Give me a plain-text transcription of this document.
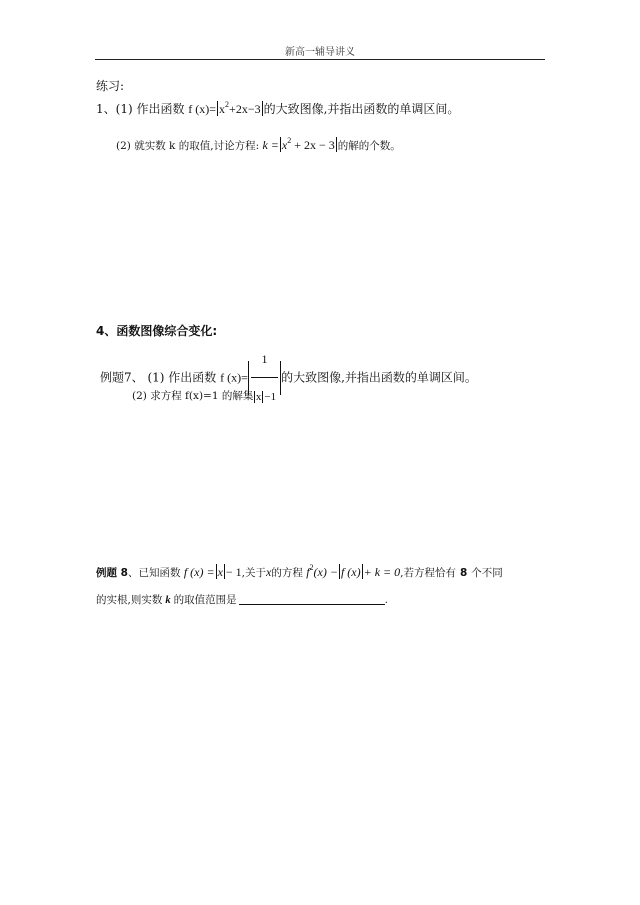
新高一辅导讲义
练习:
1、(1) 作出函数 f $(x)= x^2+2x-3$ 的大致图像,并指出函数的单调区间。
(2) 就实数 k 的取值,讨论方程: $k = x^2 + 2x - 3$ 的解的个数。
4、函数图像综合变化:
例题7、 (1) 作出函数 f $(x)= \frac{1}{x -1}$ 的大致图像,并指出函数的单调区间。
(2) 求方程 f(x)=1 的解集
例题 8、已知函数 f (x) = x − 1,关于x的方程 $f^2(x) - f$ (x) + k = 0,若方程恰有 8 个不同
的实根,则实数 k 的取值范围是	.
